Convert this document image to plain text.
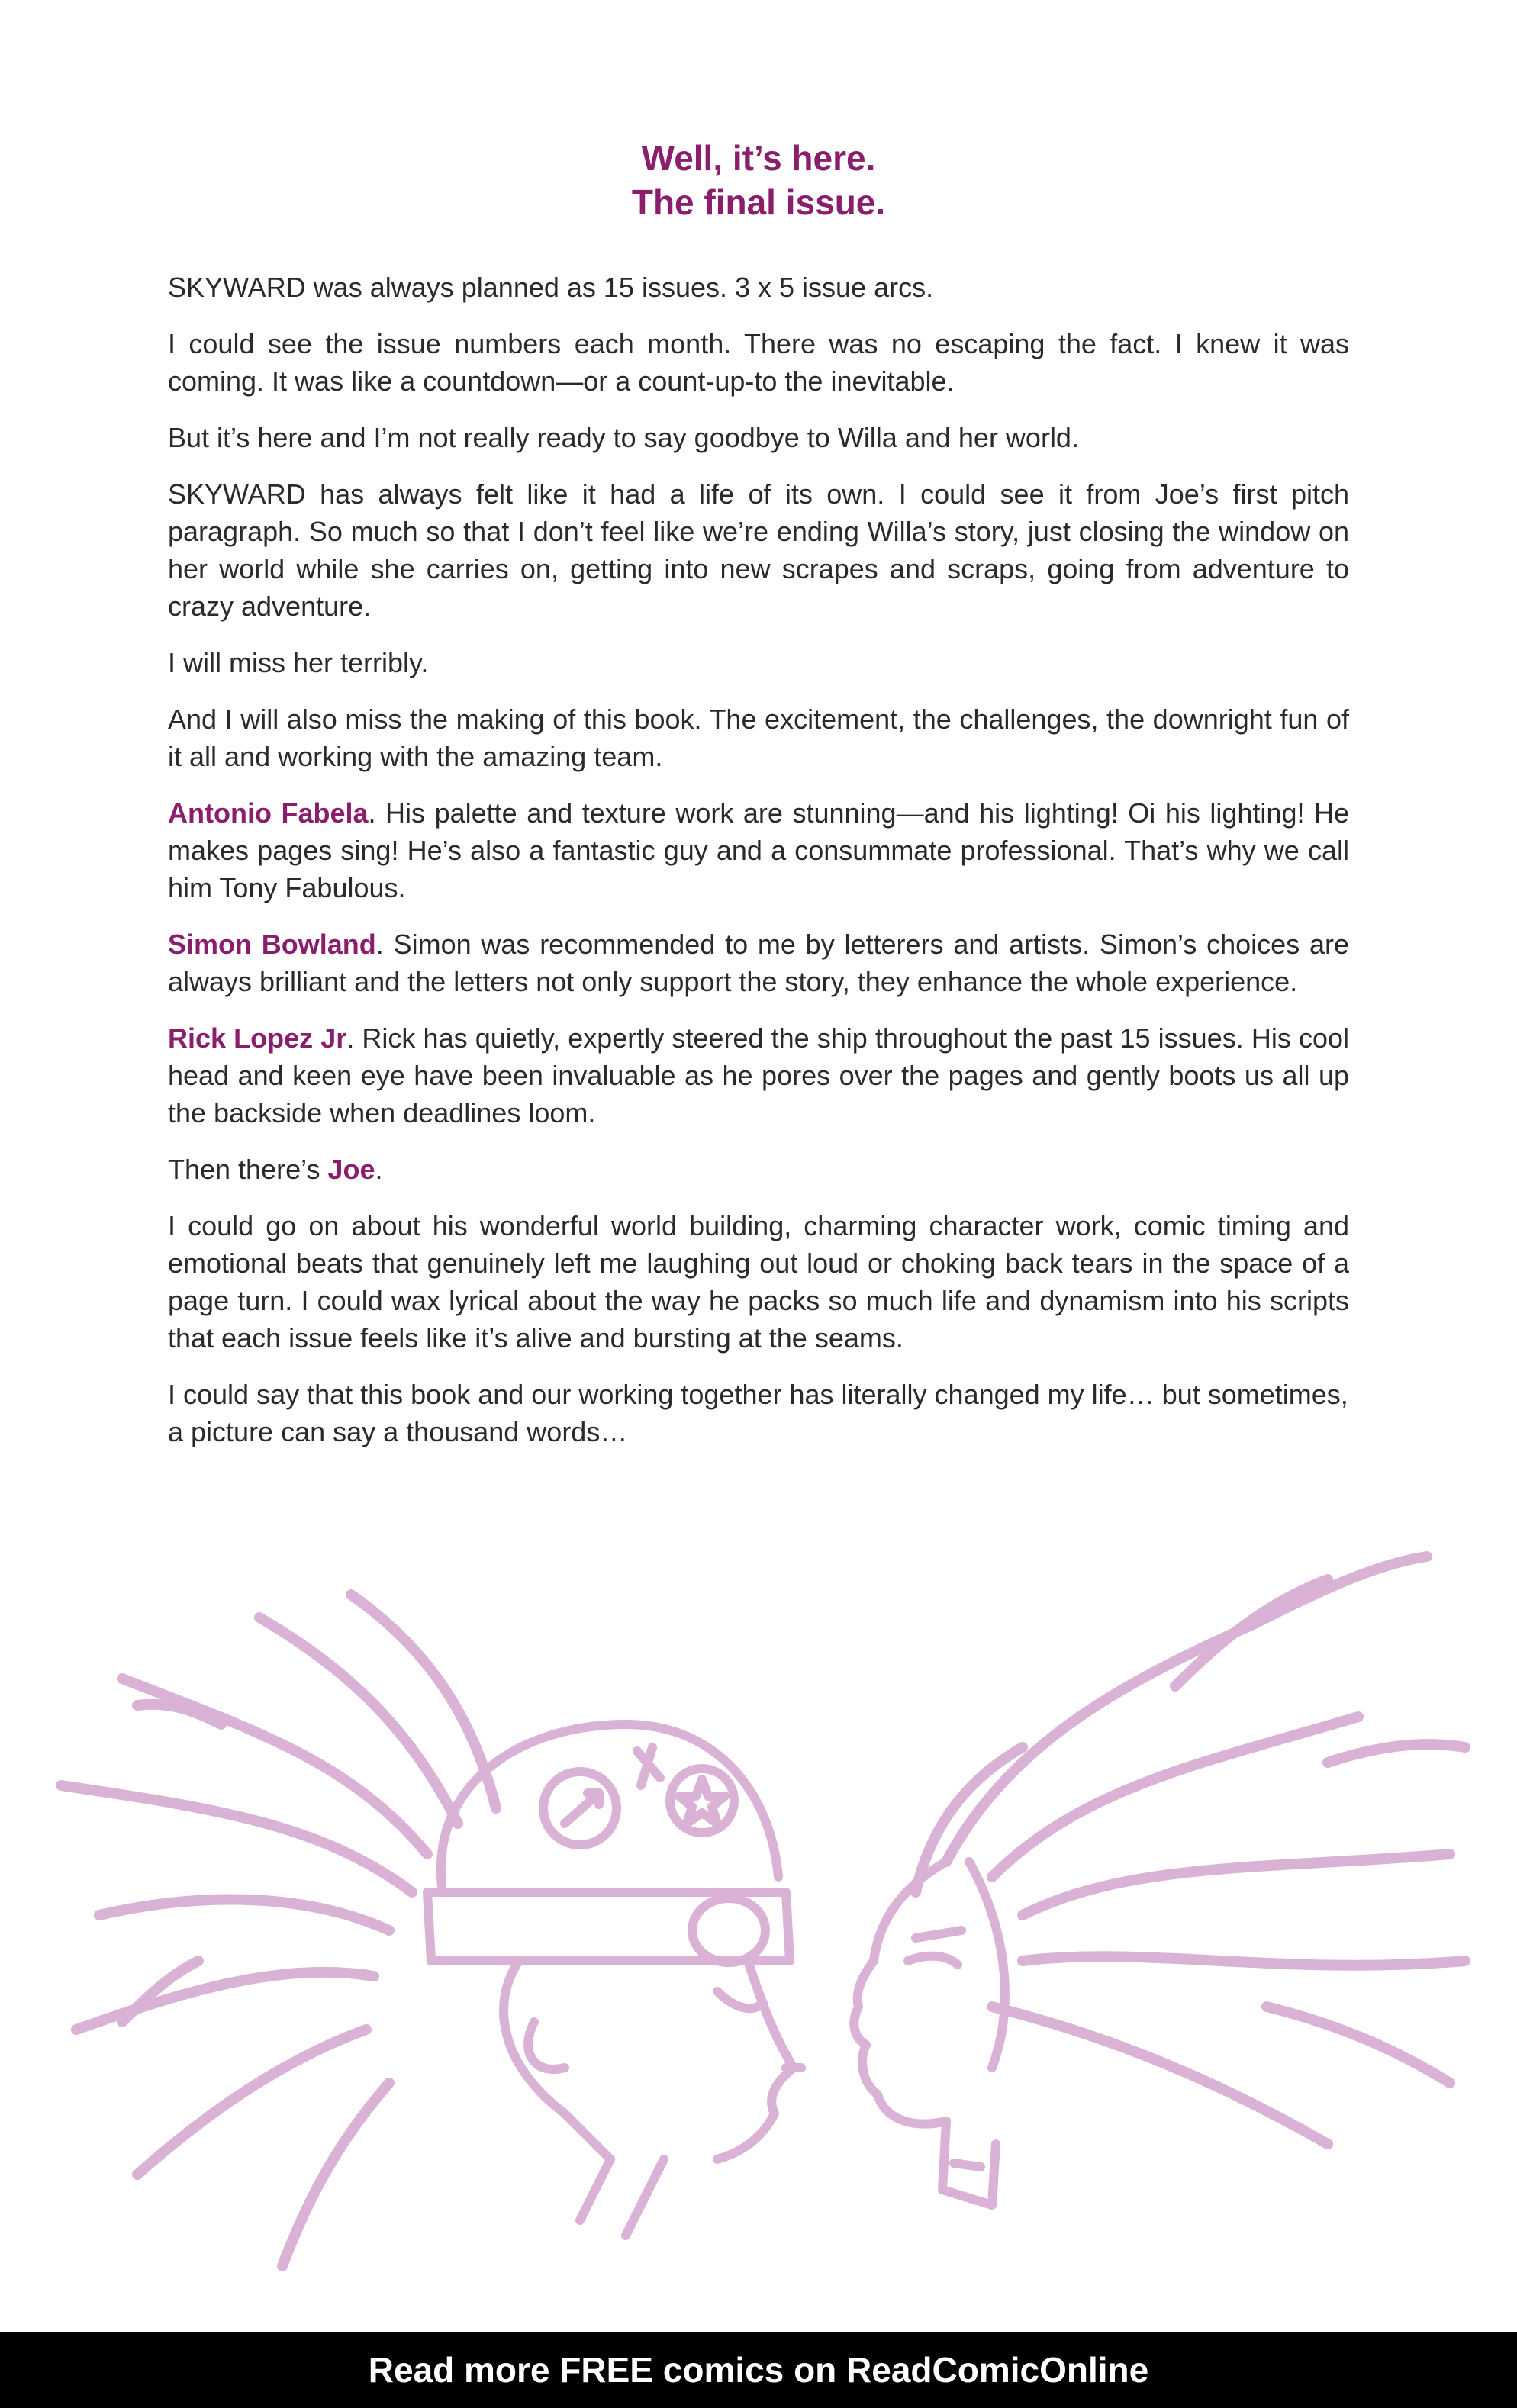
Well, it’s here.
The final issue.

SKYWARD was always planned as 15 issues. 3 x 5 issue arcs.

I could see the issue numbers each month. There was no escaping the fact. I knew it was coming. It was like a countdown—or a count-up-to the inevitable.

But it’s here and I’m not really ready to say goodbye to Willa and her world.

SKYWARD has always felt like it had a life of its own. I could see it from Joe’s first pitch paragraph. So much so that I don’t feel like we’re ending Willa’s story, just closing the window on her world while she carries on, getting into new scrapes and scraps, going from adventure to crazy adventure.

I will miss her terribly.

And I will also miss the making of this book. The excitement, the challenges, the downright fun of it all and working with the amazing team.

Antonio Fabela. His palette and texture work are stunning—and his lighting! Oi his lighting! He makes pages sing! He’s also a fantastic guy and a consummate professional. That’s why we call him Tony Fabulous.

Simon Bowland. Simon was recommended to me by letterers and artists. Simon’s choices are always brilliant and the letters not only support the story, they enhance the whole experience.

Rick Lopez Jr. Rick has quietly, expertly steered the ship throughout the past 15 issues. His cool head and keen eye have been invaluable as he pores over the pages and gently boots us all up the backside when deadlines loom.

Then there’s Joe.

I could go on about his wonderful world building, charming character work, comic timing and emotional beats that genuinely left me laughing out loud or choking back tears in the space of a page turn. I could wax lyrical about the way he packs so much life and dynamism into his scripts that each issue feels like it’s alive and bursting at the seams.

I could say that this book and our working together has literally changed my life… but sometimes, a picture can say a thousand words…

Read more FREE comics on ReadComicOnline
